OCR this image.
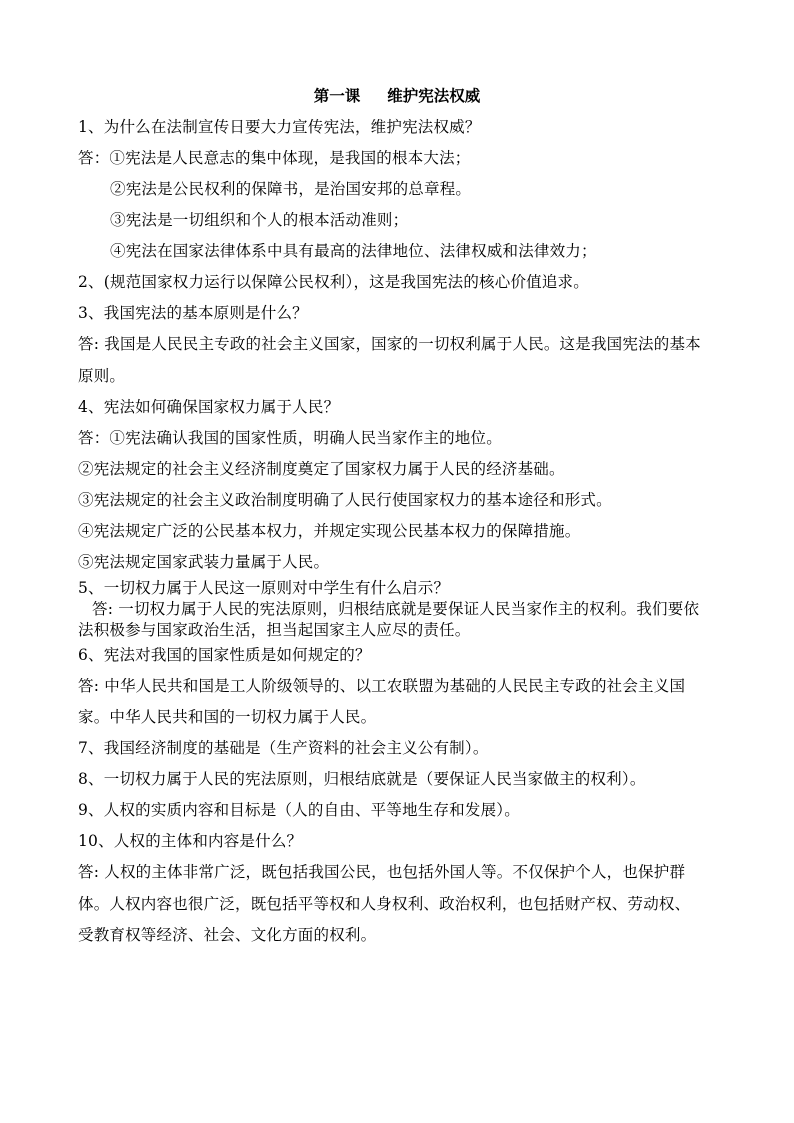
第一课     维护宪法权威
1、为什么在法制宣传日要大力宣传宪法，维护宪法权威？
答：①宪法是人民意志的集中体现，是我国的根本大法；
②宪法是公民权利的保障书，是治国安邦的总章程。
③宪法是一切组织和个人的根本活动准则；
④宪法在国家法律体系中具有最高的法律地位、法律权威和法律效力；
2、(规范国家权力运行以保障公民权利），这是我国宪法的核心价值追求。
3、我国宪法的基本原则是什么？
答: 我国是人民民主专政的社会主义国家，国家的一切权利属于人民。这是我国宪法的基本
原则。
4、宪法如何确保国家权力属于人民？
答：①宪法确认我国的国家性质，明确人民当家作主的地位。
②宪法规定的社会主义经济制度奠定了国家权力属于人民的经济基础。
③宪法规定的社会主义政治制度明确了人民行使国家权力的基本途径和形式。
④宪法规定广泛的公民基本权力，并规定实现公民基本权力的保障措施。
⑤宪法规定国家武装力量属于人民。
5、一切权力属于人民这一原则对中学生有什么启示？
答: 一切权力属于人民的宪法原则，归根结底就是要保证人民当家作主的权利。我们要依
法积极参与国家政治生活，担当起国家主人应尽的责任。
6、宪法对我国的国家性质是如何规定的？
答: 中华人民共和国是工人阶级领导的、以工农联盟为基础的人民民主专政的社会主义国
家。中华人民共和国的一切权力属于人民。
7、我国经济制度的基础是（生产资料的社会主义公有制）。
8、一切权力属于人民的宪法原则，归根结底就是（要保证人民当家做主的权利）。
9、人权的实质内容和目标是（人的自由、平等地生存和发展）。
10、人权的主体和内容是什么？
答: 人权的主体非常广泛，既包括我国公民，也包括外国人等。不仅保护个人，也保护群
体。人权内容也很广泛，既包括平等权和人身权利、政治权利，也包括财产权、劳动权、
受教育权等经济、社会、文化方面的权利。
